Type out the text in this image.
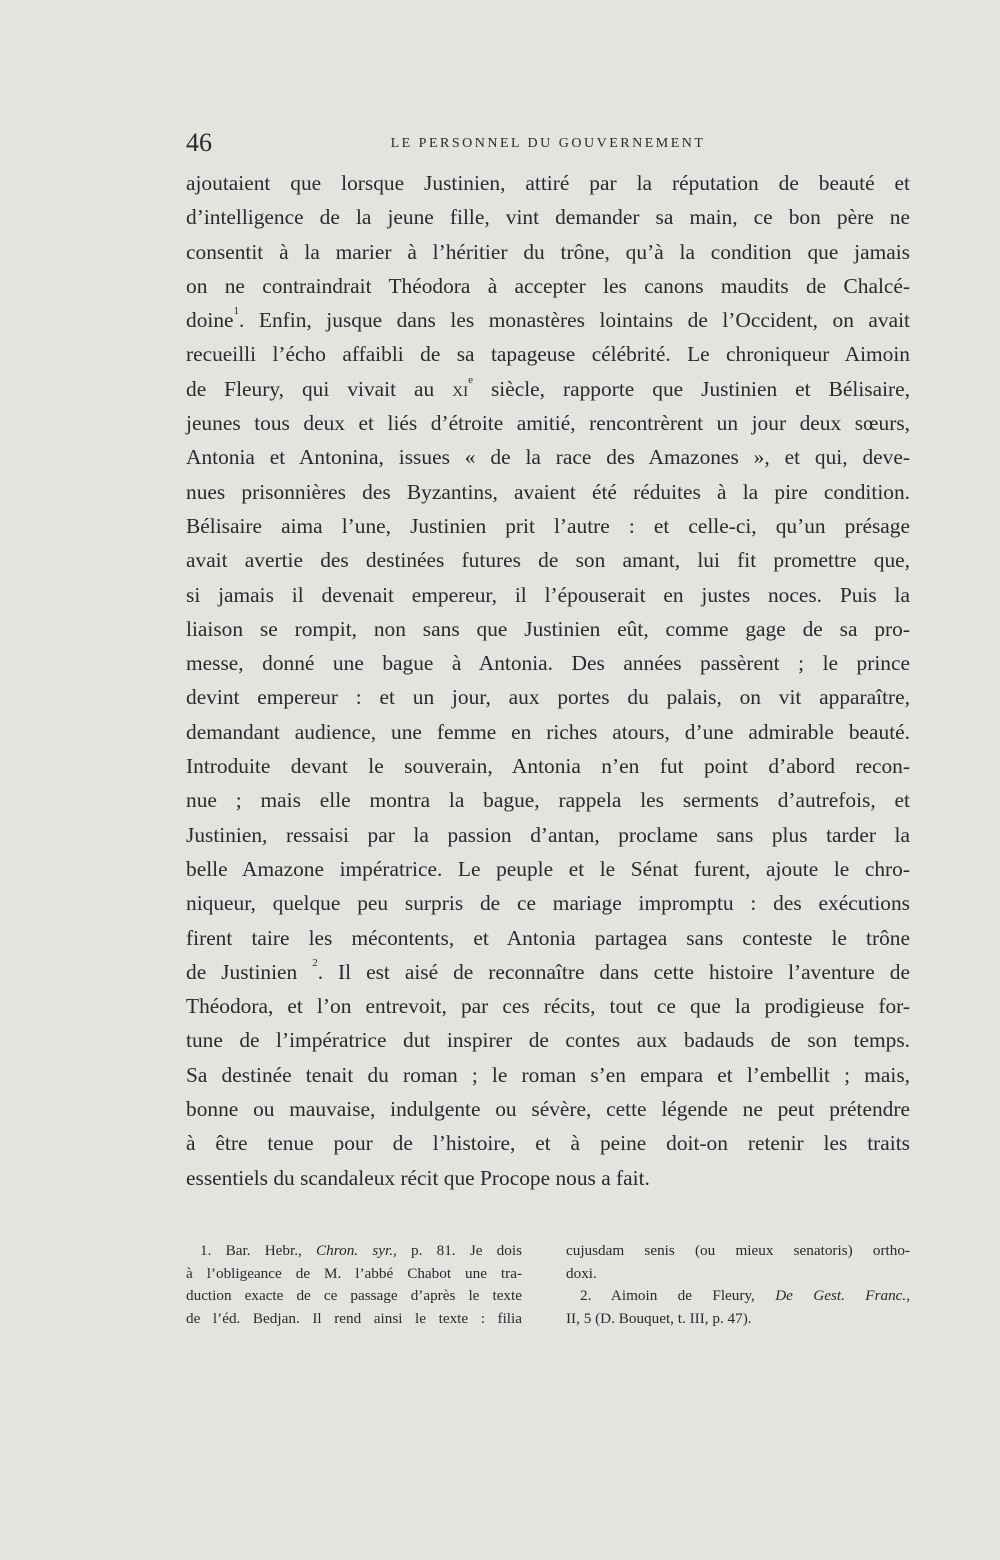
46	LE PERSONNEL DU GOUVERNEMENT
ajoutaient que lorsque Justinien, attiré par la réputation de beauté et
d’intelligence de la jeune fille, vint demander sa main, ce bon père ne
consentit à la marier à l’héritier du trône, qu’à la condition que jamais
on ne contraindrait Théodora à accepter les canons maudits de Chalcé-
doine$^1$. Enfin, jusque dans les monastères lointains de l’Occident, on avait
recueilli l’écho affaibli de sa tapageuse célébrité. Le chroniqueur Aimoin
de Fleury, qui vivait au $xi^e$ siècle, rapporte que Justinien et Bélisaire,
jeunes tous deux et liés d’étroite amitié, rencontrèrent un jour deux sœurs,
Antonia et Antonina, issues « de la race des Amazones », et qui, deve-
nues prisonnières des Byzantins, avaient été réduites à la pire condition.
Bélisaire aima l’une, Justinien prit l’autre : et celle-ci, qu’un présage
avait avertie des destinées futures de son amant, lui fit promettre que,
si jamais il devenait empereur, il l’épouserait en justes noces. Puis la
liaison se rompit, non sans que Justinien eût, comme gage de sa pro-
messe, donné une bague à Antonia. Des années passèrent ; le prince
devint empereur : et un jour, aux portes du palais, on vit apparaître,
demandant audience, une femme en riches atours, d’une admirable beauté.
Introduite devant le souverain, Antonia n’en fut point d’abord recon-
nue ; mais elle montra la bague, rappela les serments d’autrefois, et
Justinien, ressaisi par la passion d’antan, proclame sans plus tarder la
belle Amazone impératrice. Le peuple et le Sénat furent, ajoute le chro-
niqueur, quelque peu surpris de ce mariage impromptu : des exécutions
firent taire les mécontents, et Antonia partagea sans conteste le trône
de Justinien $^2$. Il est aisé de reconnaître dans cette histoire l’aventure de
Théodora, et l’on entrevoit, par ces récits, tout ce que la prodigieuse for-
tune de l’impératrice dut inspirer de contes aux badauds de son temps.
Sa destinée tenait du roman ; le roman s’en empara et l’embellit ; mais,
bonne ou mauvaise, indulgente ou sévère, cette légende ne peut prétendre
à être tenue pour de l’histoire, et à peine doit-on retenir les traits
essentiels du scandaleux récit que Procope nous a fait.
1. Bar. Hebr., Chron. syr., p. 81. Je dois
à l’obligeance de M. l’abbé Chabot une tra-
duction exacte de ce passage d’après le texte
de l’éd. Bedjan. Il rend ainsi le texte : filia
cujusdam senis (ou mieux senatoris) ortho-
doxi.
2. Aimoin de Fleury, De Gest. Franc.,
II, 5 (D. Bouquet, t. III, p. 47).
